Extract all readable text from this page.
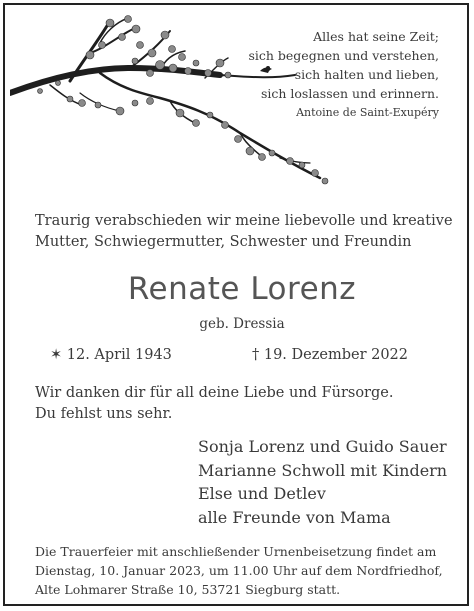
Alles hat seine Zeit;
sich begegnen und verstehen,
sich halten und lieben,
sich loslassen und erinnern.
Antoine de Saint-Exupéry
Traurig verabschieden wir meine liebevolle und kreative
Mutter, Schwiegermutter, Schwester und Freundin
Renate Lorenz
geb. Dressia
✶ 12. April 1943	† 19. Dezember 2022
Wir danken dir für all deine Liebe und Fürsorge.
Du fehlst uns sehr.
Sonja Lorenz und Guido Sauer
Marianne Schwoll mit Kindern
Else und Detlev
alle Freunde von Mama
Die Trauerfeier mit anschließender Urnenbeisetzung findet am
Dienstag, 10. Januar 2023, um 11.00 Uhr auf dem Nordfriedhof,
Alte Lohmarer Straße 10, 53721 Siegburg statt.
